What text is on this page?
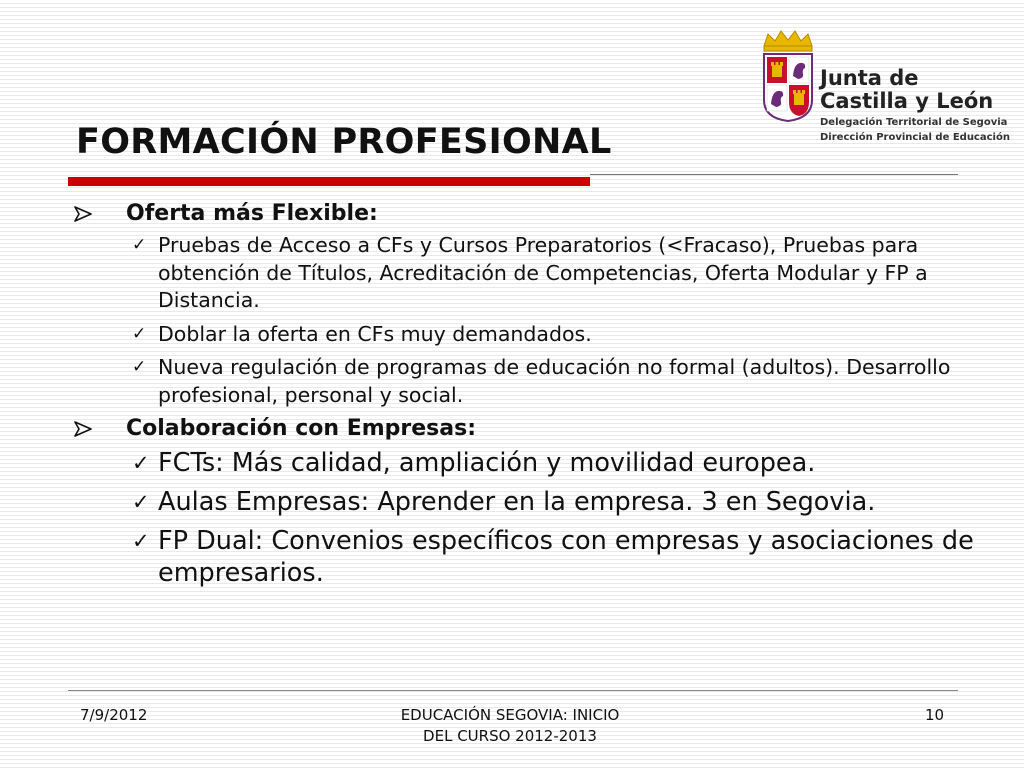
Junta de
Castilla y León
Delegación Territorial de Segovia
Dirección Provincial de Educación
FORMACIÓN PROFESIONAL
Oferta más Flexible:
✓ Pruebas de Acceso a CFs y Cursos Preparatorios (<Fracaso), Pruebas para obtención de Títulos, Acreditación de Competencias, Oferta Modular y FP a Distancia.
✓ Doblar la oferta en CFs muy demandados.
✓ Nueva regulación de programas de educación no formal (adultos). Desarrollo profesional, personal y social.
Colaboración con Empresas:
✓ FCTs: Más calidad, ampliación y movilidad europea.
✓ Aulas Empresas: Aprender en la empresa. 3 en Segovia.
✓ FP Dual: Convenios específicos con empresas y asociaciones de empresarios.
7/9/2012	EDUCACIÓN SEGOVIA: INICIO
DEL CURSO 2012-2013
10
